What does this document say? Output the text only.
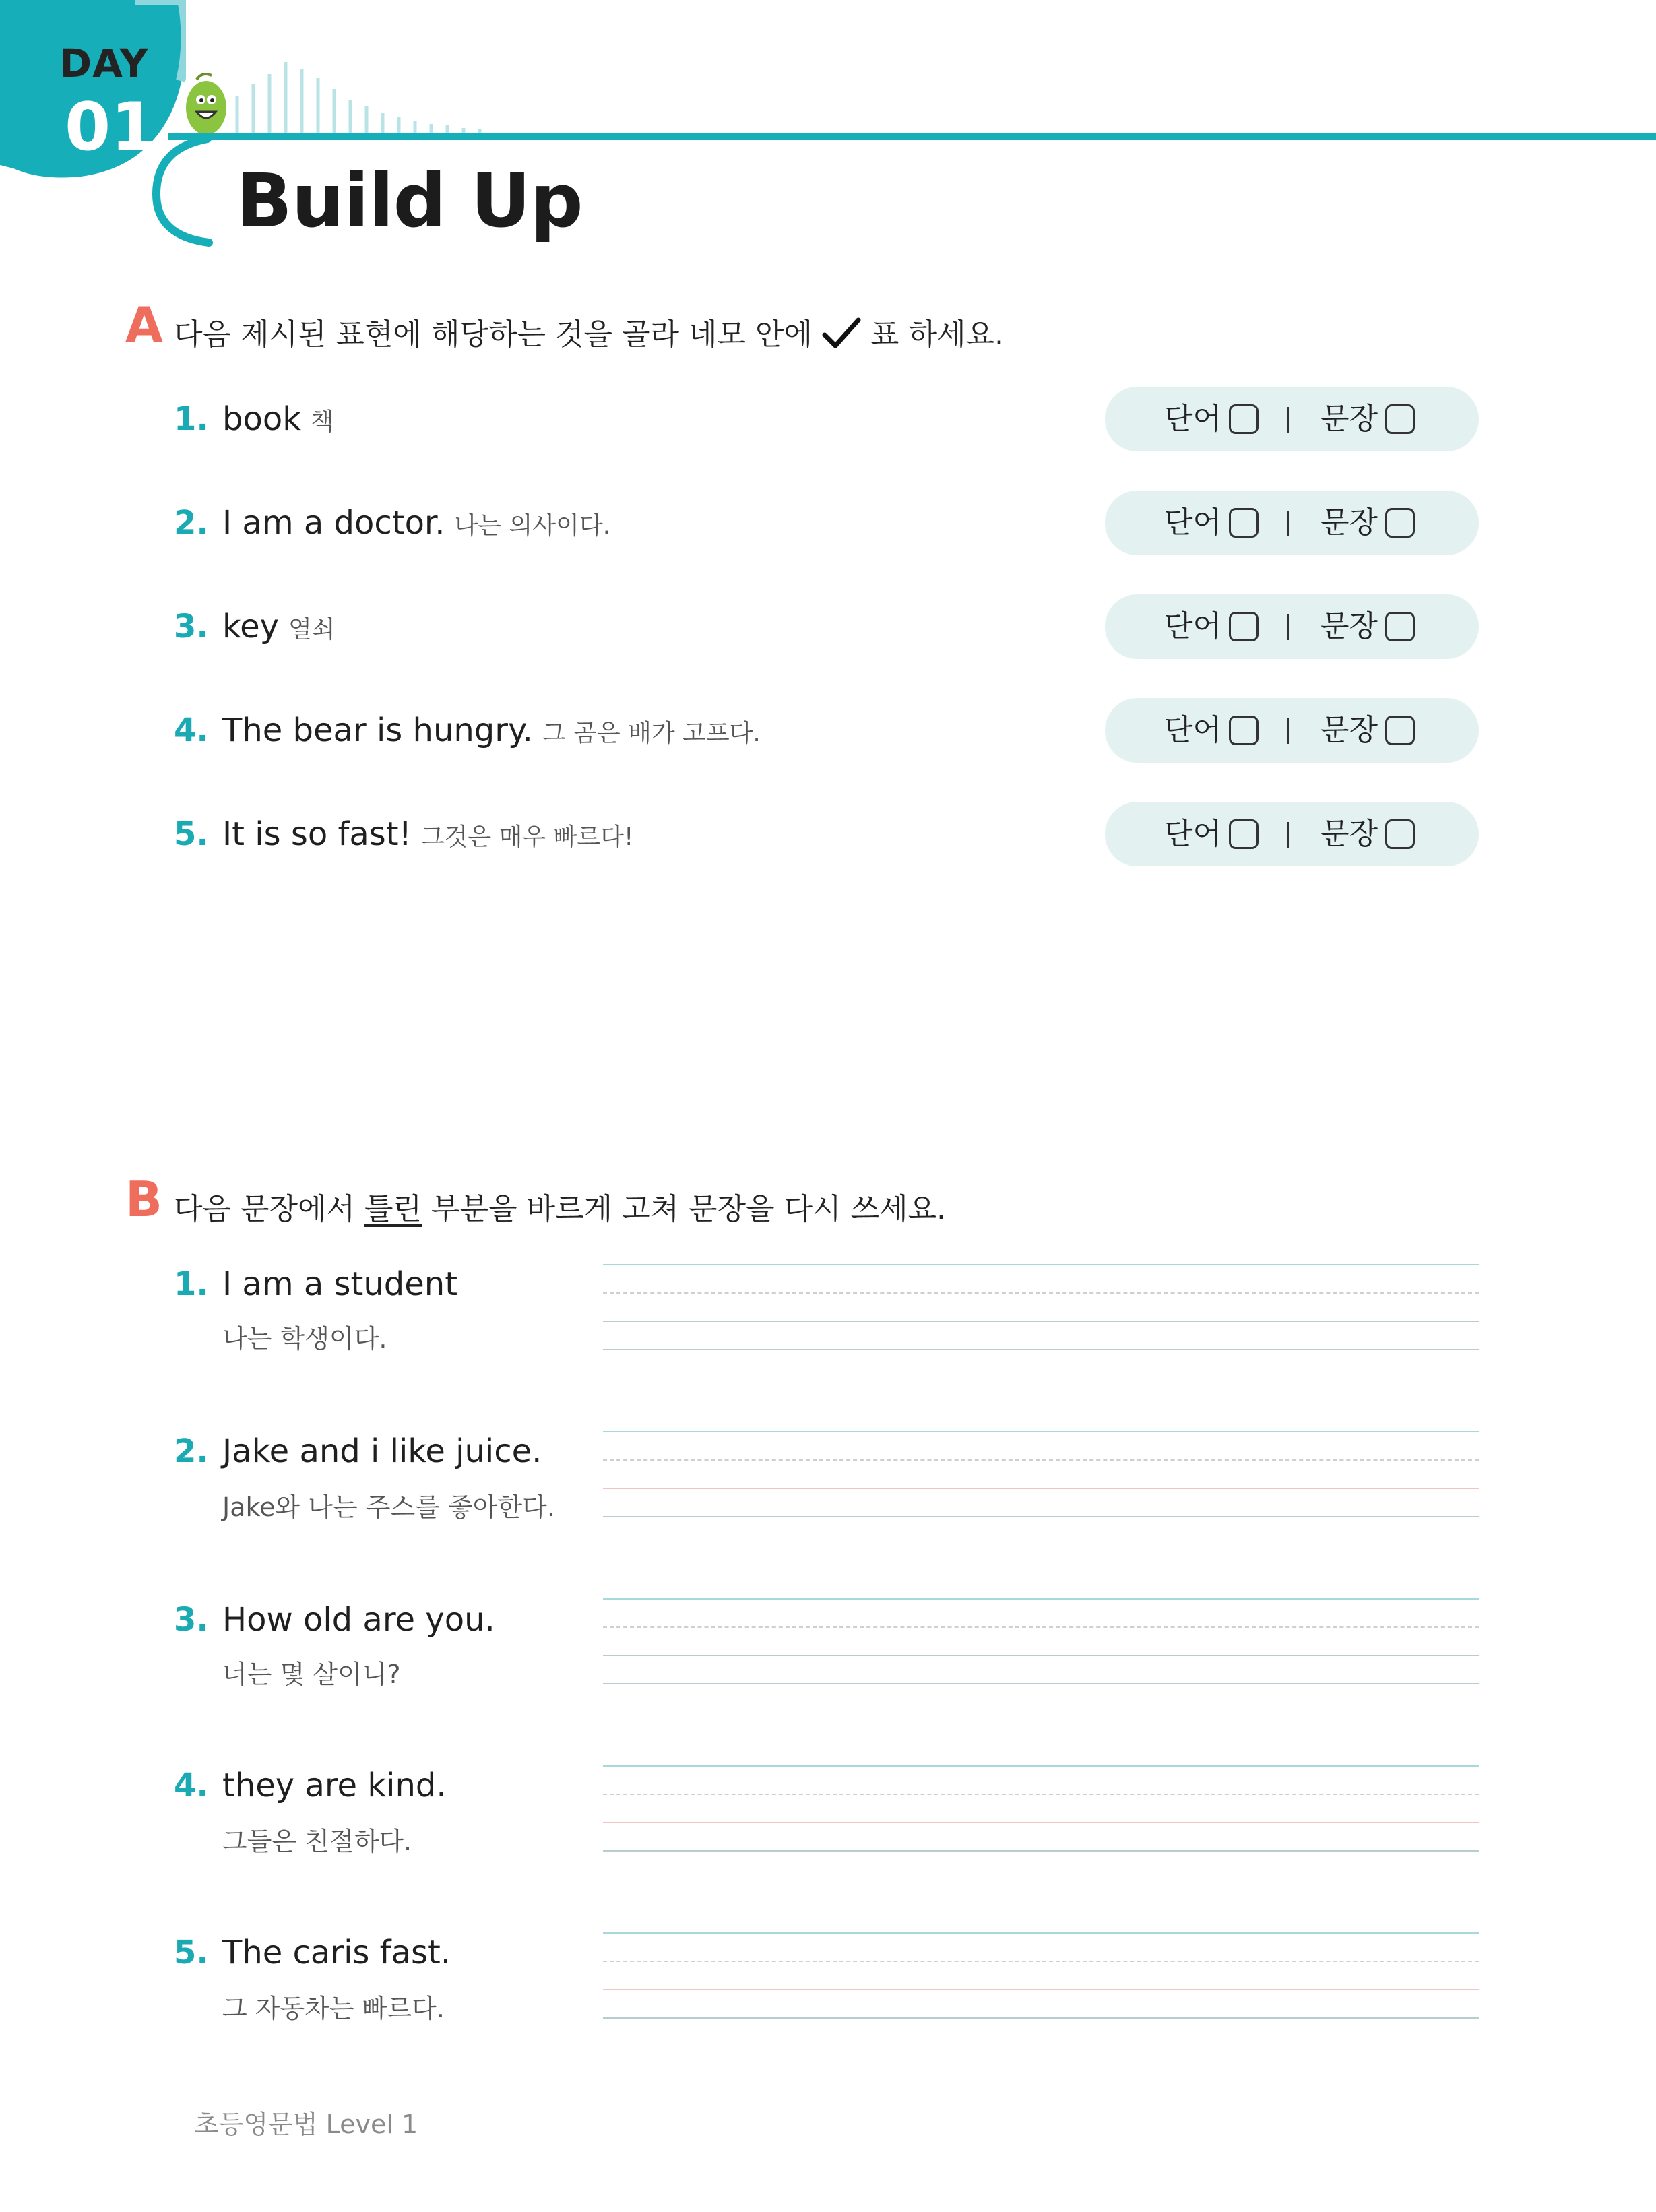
DAY
01
Build Up
A 다음 제시된 표현에 해당하는 것을 골라 네모 안에 표 하세요.
1. book 책	단어	문장
2. I am a doctor. 나는 의사이다.	단어	문장
3. key 열쇠	단어	문장
4. The bear is hungry. 그 곰은 배가 고프다.	단어	문장
5. It is so fast! 그것은 매우 빠르다!	단어	문장
B 다음 문장에서 틀린 부분을 바르게 고쳐 문장을 다시 쓰세요.
1. I am a student
나는 학생이다.
2. Jake and i like juice.
Jake와 나는 주스를 좋아한다.
3. How old are you.
너는 몇 살이니?
4. they are kind.
그들은 친절하다.
5. The caris fast.
그 자동차는 빠르다.
초등영문법 Level 1
